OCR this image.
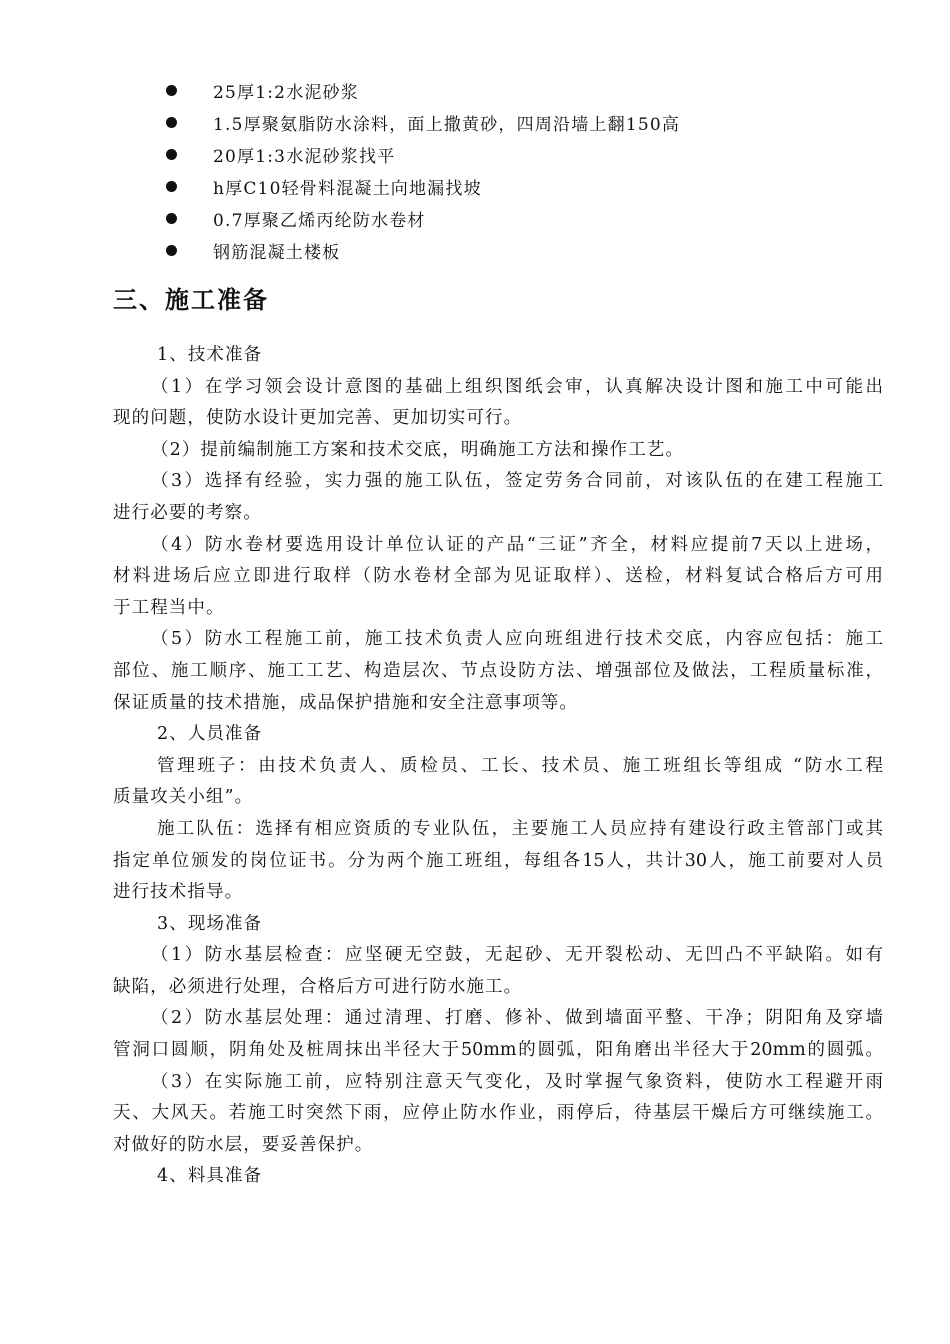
25厚1:2水泥砂浆
1.5厚聚氨脂防水涂料，面上撒黄砂，四周沿墙上翻150高
20厚1:3水泥砂浆找平
h厚C10轻骨料混凝土向地漏找坡
0.7厚聚乙烯丙纶防水卷材
钢筋混凝土楼板
三、施工准备
1、技术准备
（1）在学习领会设计意图的基础上组织图纸会审，认真解决设计图和施工中可能出
现的问题，使防水设计更加完善、更加切实可行。
（2）提前编制施工方案和技术交底，明确施工方法和操作工艺。
（3）选择有经验，实力强的施工队伍，签定劳务合同前，对该队伍的在建工程施工
进行必要的考察。
（4）防水卷材要选用设计单位认证的产品“三证”齐全，材料应提前7天以上进场，
材料进场后应立即进行取样（防水卷材全部为见证取样）、送检，材料复试合格后方可用
于工程当中。
（5）防水工程施工前，施工技术负责人应向班组进行技术交底，内容应包括：施工
部位、施工顺序、施工工艺、构造层次、节点设防方法、增强部位及做法，工程质量标准，
保证质量的技术措施，成品保护措施和安全注意事项等。
2、人员准备
管理班子：由技术负责人、质检员、工长、技术员、施工班组长等组成 “防水工程
质量攻关小组”。
施工队伍：选择有相应资质的专业队伍，主要施工人员应持有建设行政主管部门或其
指定单位颁发的岗位证书。分为两个施工班组，每组各15人，共计30人，施工前要对人员
进行技术指导。
3、现场准备
（1）防水基层检查：应坚硬无空鼓，无起砂、无开裂松动、无凹凸不平缺陷。如有
缺陷，必须进行处理，合格后方可进行防水施工。
（2）防水基层处理：通过清理、打磨、修补、做到墙面平整、干净；阴阳角及穿墙
管洞口圆顺，阴角处及桩周抹出半径大于50mm的圆弧，阳角磨出半径大于20mm的圆弧。
（3）在实际施工前，应特别注意天气变化，及时掌握气象资料，使防水工程避开雨
天、大风天。若施工时突然下雨，应停止防水作业，雨停后，待基层干燥后方可继续施工。
对做好的防水层，要妥善保护。
4、料具准备
